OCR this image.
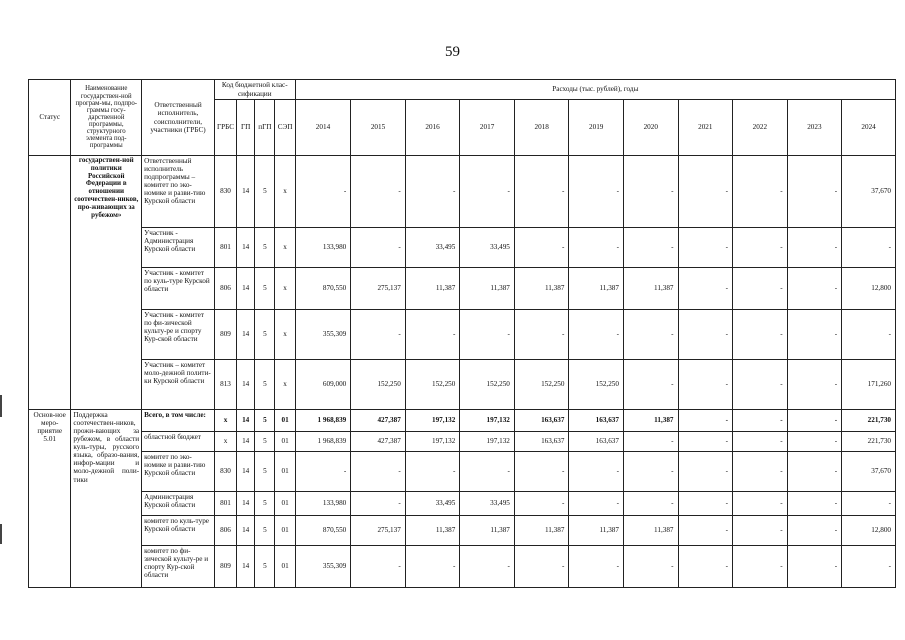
59
Статус	Наименование государствен-ной програм-мы, подпро-граммы госу-дарственной программы, структурного элемента под-программы	Ответственный исполнитель, соисполнители, участники (ГРБС)	Код бюджетной клас-сификации				Расходы (тыс. рублей), годы										
			ГРБС	ГП	пГП	СЭП	2014	2015	2016	2017	2018	2019	2020	2021	2022	2023	2024
	государствен-ной политики Российской Федерации в отношении соотечествен-ников, про-живающих за рубежом»	Ответственный исполнитель подпрограммы – комитет по эко-номике и разви-тию Курской области	830	14	5	х	-	-	-	-	-	-	-	-	-	-	37,670
		Участник - Администрация Курской области	801	14	5	х	133,980	-	33,495	33,495	-	-	-	-	-	-	-
		Участник - комитет по куль-туре Курской области	806	14	5	х	870,550	275,137	11,387	11,387	11,387	11,387	11,387	-	-	-	12,800
		Участник - комитет по фи-зической культу-ре и спорту Кур-ской области	809	14	5	х	355,309	-	-	-	-	-	-	-	-	-	-
		Участник – комитет моло-дежной полити-ки Курской области	813	14	5	х	609,000	152,250	152,250	152,250	152,250	152,250	-	-	-	-	171,260
Основ-ное меро-приятие 5.01	Поддержка соотечествен-ников, прожи-вающих за рубежом, в области куль-туры, русского языка, образо-вания, инфор-мации и моло-дежной поли-тики	Всего, в том числе:	х	14	5	01	1 968,839	427,387	197,132	197,132	163,637	163,637	11,387	-	-	-	221,730
		областной бюджет	х	14	5	01	1 968,839	427,387	197,132	197,132	163,637	163,637	-	-	-	-	221,730
		комитет по эко-номике и разви-тию Курской области	830	14	5	01	-	-	-	-	-	-	-	-	-	-	37,670
		Администрация Курской области	801	14	5	01	133,980	-	33,495	33,495	-	-	-	-	-	-	-
		комитет по куль-туре Курской области	806	14	5	01	870,550	275,137	11,387	11,387	11,387	11,387	11,387	-	-	-	12,800
		комитет по фи-зической культу-ре и спорту Кур-ской области	809	14	5	01	355,309	-	-	-	-	-	-	-	-	-	-
